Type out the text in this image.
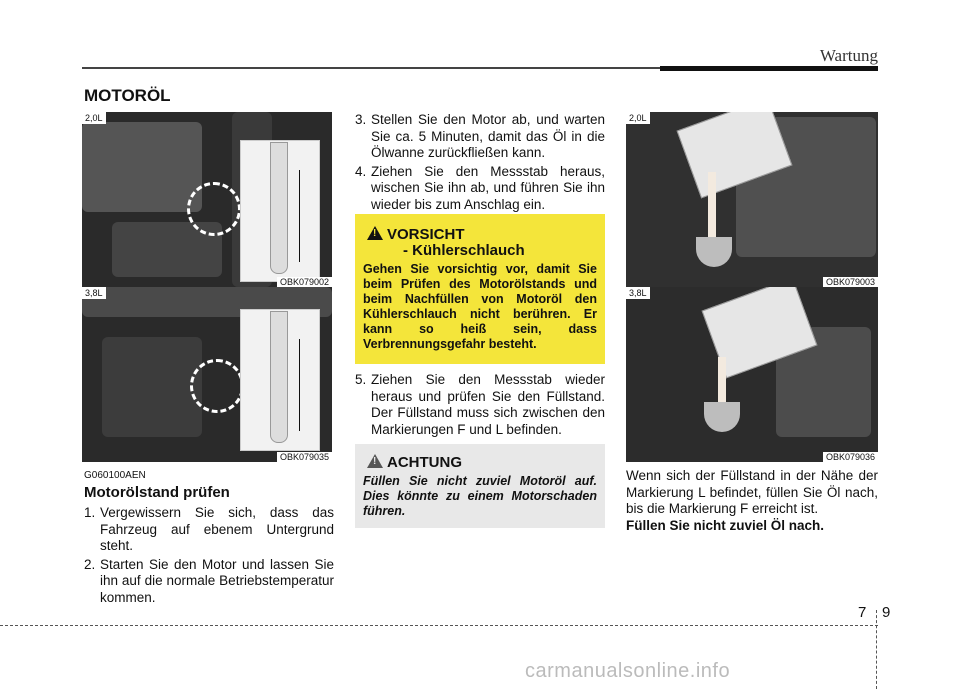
Wartung
MOTORÖL
2,0L
OBK079002
3,8L
OBK079035

G060100AEN

Motorölstand prüfen

1. Vergewissern Sie sich, dass das Fahrzeug auf ebenem Untergrund steht.
2. Starten Sie den Motor und lassen Sie ihn auf die normale Betriebstemperatur kommen.
3. Stellen Sie den Motor ab, und warten Sie ca. 5 Minuten, damit das Öl in die Ölwanne zurückfließen kann.
4. Ziehen Sie den Messstab heraus, wischen Sie ihn ab, und führen Sie ihn wieder bis zum Anschlag ein.
! VORSICHT
- Kühlerschlauch
Gehen Sie vorsichtig vor, damit Sie beim Prüfen des Motorölstands und beim Nachfüllen von Motoröl den Kühlerschlauch nicht berühren. Er kann so heiß sein, dass Verbrennungsgefahr besteht.
5. Ziehen Sie den Messstab wieder heraus und prüfen Sie den Füllstand. Der Füllstand muss sich zwischen den Markierungen F und L befinden.
! ACHTUNG
Füllen Sie nicht zuviel Motoröl auf. Dies könnte zu einem Motorschaden führen.
2,0L
OBK079003
3,8L
OBK079036

Wenn sich der Füllstand in der Nähe der Markierung L befindet, füllen Sie Öl nach, bis die Markierung F erreicht ist.

Füllen Sie nicht zuviel Öl nach.

7 9
carmanualsonline.info
